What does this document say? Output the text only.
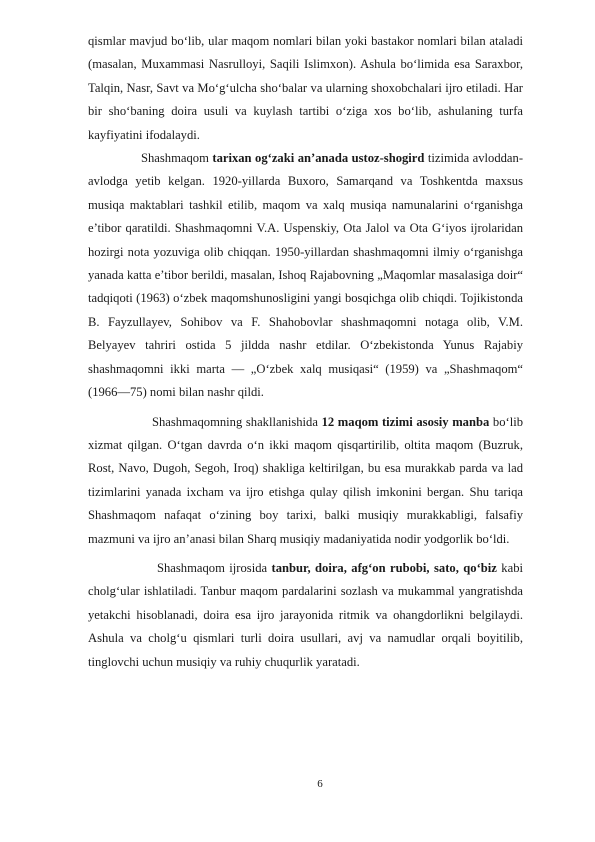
qismlar mavjud bo‘lib, ular maqom nomlari bilan yoki bastakor nomlari bilan ataladi (masalan, Muxammasi Nasrulloyi, Saqili Islimxon). Ashula bo‘limida esa Saraxbor, Talqin, Nasr, Savt va Mo‘g‘ulcha sho‘balar va ularning shoxobchalari ijro etiladi. Har bir sho‘baning doira usuli va kuylash tartibi o‘ziga xos bo‘lib, ashulaning turfa kayfiyatini ifodalaydi.

Shashmaqom tarixan og‘zaki an’anada ustoz-shogird tizimida avloddan-avlodga yetib kelgan. 1920-yillarda Buxoro, Samarqand va Toshkentda maxsus musiqa maktablari tashkil etilib, maqom va xalq musiqa namunalarini o‘rganishga e’tibor qaratildi. Shashmaqomni V.A. Uspenskiy, Ota Jalol va Ota G‘iyos ijrolaridan hozirgi nota yozuviga olib chiqqan. 1950-yillardan shashmaqomni ilmiy o‘rganishga yanada katta e’tibor berildi, masalan, Ishoq Rajabovning „Maqomlar masalasiga doir“ tadqiqoti (1963) o‘zbek maqomshunosligini yangi bosqichga olib chiqdi. Tojikistonda B. Fayzullayev, Sohibov va F. Shahobovlar shashmaqomni notaga olib, V.M. Belyayev tahriri ostida 5 jildda nashr etdilar. O‘zbekistonda Yunus Rajabiy shashmaqomni ikki marta — „O‘zbek xalq musiqasi“ (1959) va „Shashmaqom“ (1966—75) nomi bilan nashr qildi.

Shashmaqomning shakllanishida 12 maqom tizimi asosiy manba bo‘lib xizmat qilgan. O‘tgan davrda o‘n ikki maqom qisqartirilib, oltita maqom (Buzruk, Rost, Navo, Dugoh, Segoh, Iroq) shakliga keltirilgan, bu esa murakkab parda va lad tizimlarini yanada ixcham va ijro etishga qulay qilish imkonini bergan. Shu tariqa Shashmaqom nafaqat o‘zining boy tarixi, balki musiqiy murakkabligi, falsafiy mazmuni va ijro an’anasi bilan Sharq musiqiy madaniyatida nodir yodgorlik bo‘ldi.

Shashmaqom ijrosida tanbur, doira, afg‘on rubobi, sato, qo‘biz kabi cholg‘ular ishlatiladi. Tanbur maqom pardalarini sozlash va mukammal yangratishda yetakchi hisoblanadi, doira esa ijro jarayonida ritmik va ohangdorlikni belgilaydi. Ashula va cholg‘u qismlari turli doira usullari, avj va namudlar orqali boyitilib, tinglovchi uchun musiqiy va ruhiy chuqurlik yaratadi.

6
